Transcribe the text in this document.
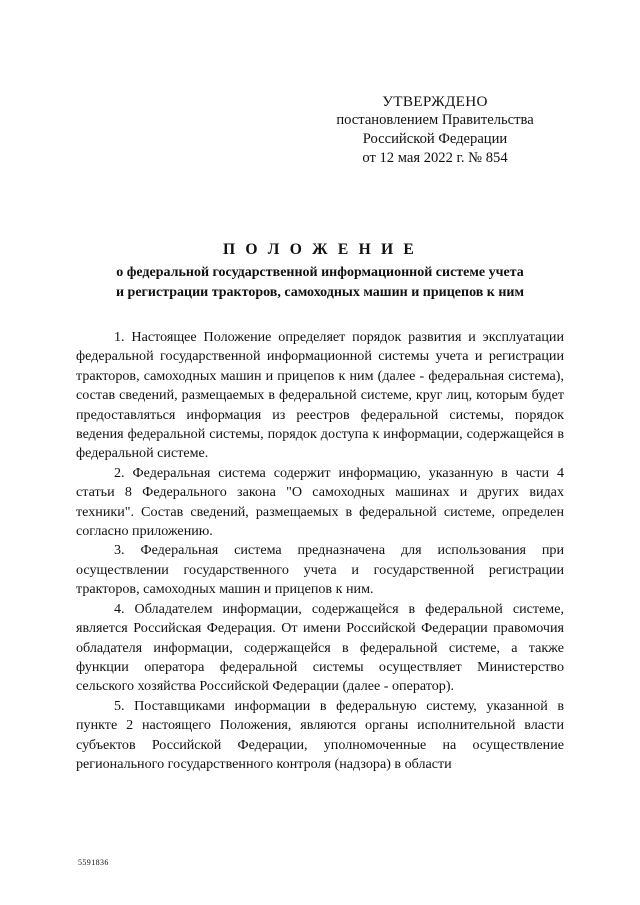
УТВЕРЖДЕНО
постановлением Правительства
Российской Федерации
от 12 мая 2022 г. № 854
П О Л О Ж Е Н И Е
о федеральной государственной информационной системе учета
и регистрации тракторов, самоходных машин и прицепов к ним

1. Настоящее Положение определяет порядок развития и эксплуатации федеральной государственной информационной системы учета и регистрации тракторов, самоходных машин и прицепов к ним (далее - федеральная система), состав сведений, размещаемых в федеральной системе, круг лиц, которым будет предоставляться информация из реестров федеральной системы, порядок ведения федеральной системы, порядок доступа к информации, содержащейся в федеральной системе.

2. Федеральная система содержит информацию, указанную в части 4 статьи 8 Федерального закона "О самоходных машинах и других видах техники". Состав сведений, размещаемых в федеральной системе, определен согласно приложению.

3. Федеральная система предназначена для использования при осуществлении государственного учета и государственной регистрации тракторов, самоходных машин и прицепов к ним.

4. Обладателем информации, содержащейся в федеральной системе, является Российская Федерация. От имени Российской Федерации правомочия обладателя информации, содержащейся в федеральной системе, а также функции оператора федеральной системы осуществляет Министерство сельского хозяйства Российской Федерации (далее - оператор).

5. Поставщиками информации в федеральную систему, указанной в пункте 2 настоящего Положения, являются органы исполнительной власти субъектов Российской Федерации, уполномоченные на осуществление регионального государственного контроля (надзора) в области

5591836
